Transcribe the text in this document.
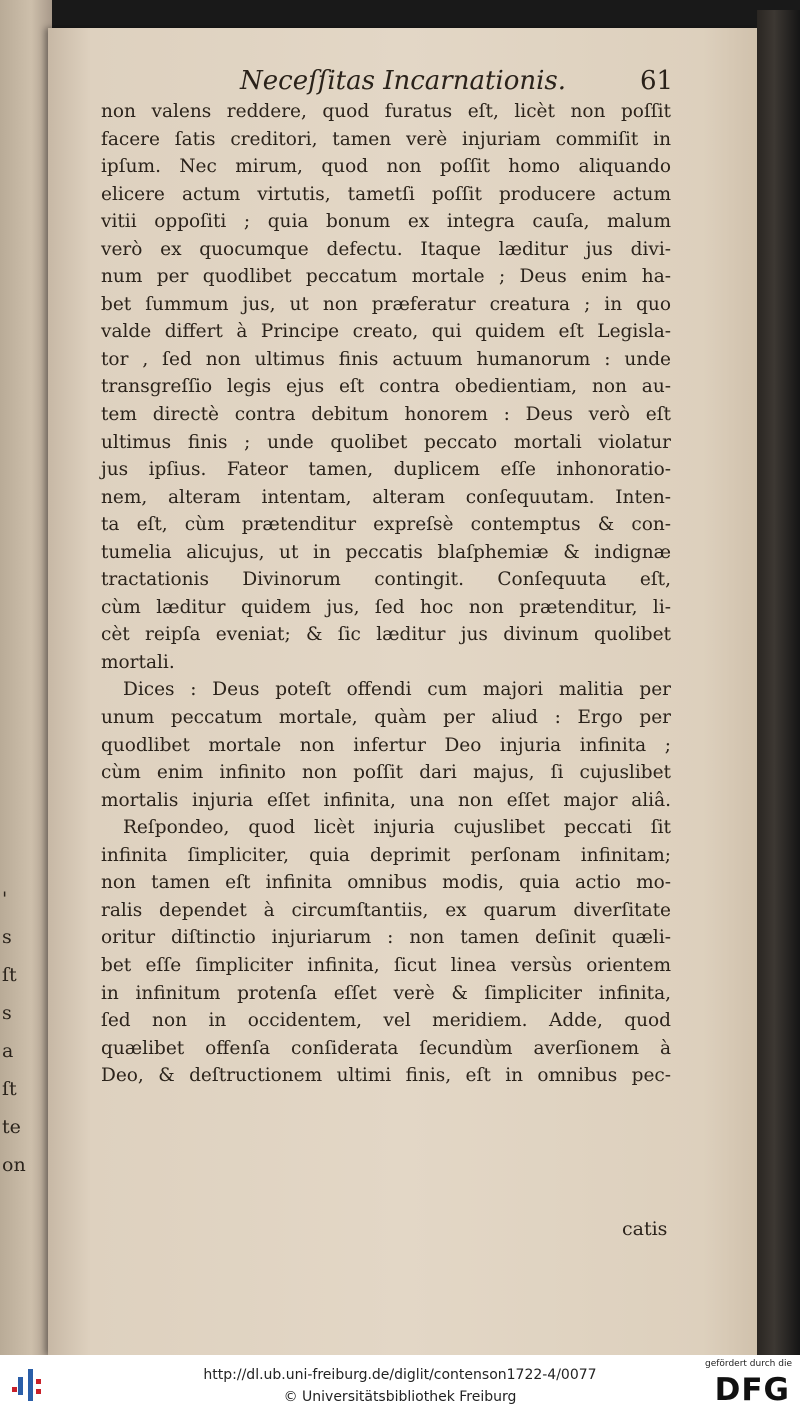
'
s
ſt
s
a
ſt
te
on
Neceſſitas Incarnationis.	61
non valens reddere, quod furatus eſt, licèt non poſſit
facere ſatis creditori, tamen verè injuriam commiſit in
ipſum. Nec mirum, quod non poſſit homo aliquando
elicere actum virtutis, tametſi poſſit producere actum
vitii oppoſiti ; quia bonum ex integra cauſa, malum
verò ex quocumque defectu. Itaque læditur jus divi-
num per quodlibet peccatum mortale ; Deus enim ha-
bet ſummum jus, ut non præferatur creatura ; in quo
valde differt à Principe creato, qui quidem eſt Legisla-
tor , ſed non ultimus finis actuum humanorum : unde
transgreſſio legis ejus eſt contra obedientiam, non au-
tem directè contra debitum honorem : Deus verò eſt
ultimus finis ; unde quolibet peccato mortali violatur
jus ipſius. Fateor tamen, duplicem eſſe inhonoratio-
nem, alteram intentam, alteram conſequutam. Inten-
ta eſt, cùm prætenditur expreſsè contemptus & con-
tumelia alicujus, ut in peccatis blaſphemiæ & indignæ
tractationis Divinorum contingit. Conſequuta eſt,
cùm læditur quidem jus, ſed hoc non prætenditur, li-
cèt reipſa eveniat; & ſic læditur jus divinum quolibet
mortali.
Dices : Deus poteſt offendi cum majori malitia per
unum peccatum mortale, quàm per aliud : Ergo per
quodlibet mortale non infertur Deo injuria infinita ;
cùm enim infinito non poſſit dari majus, ſi cujuslibet
mortalis injuria eſſet infinita, una non eſſet major aliâ.
Reſpondeo, quod licèt injuria cujuslibet peccati ſit
infinita ſimpliciter, quia deprimit perſonam infinitam;
non tamen eſt infinita omnibus modis, quia actio mo-
ralis dependet à circumſtantiis, ex quarum diverſitate
oritur diſtinctio injuriarum : non tamen deſinit quæli-
bet eſſe ſimpliciter infinita, ſicut linea versùs orientem
in infinitum protenſa eſſet verè & ſimpliciter infinita,
ſed non in occidentem, vel meridiem. Adde, quod
quælibet offenſa conſiderata ſecundùm averſionem à
Deo, & deſtructionem ultimi finis, eſt in omnibus pec-
catis
http://dl.ub.uni-freiburg.de/diglit/contenson1722-4/0077
© Universitätsbibliothek Freiburg
gefördert durch die
DFG
